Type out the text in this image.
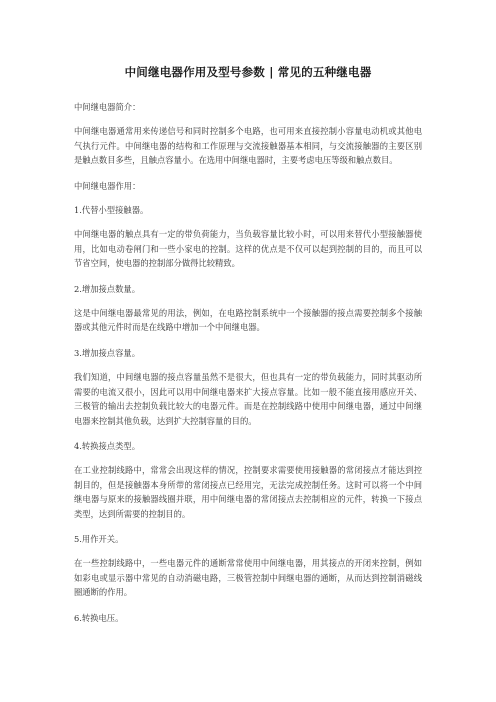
中间继电器作用及型号参数 | 常见的五种继电器
中间继电器简介：
中间继电器通常用来传递信号和同时控制多个电路，也可用来直接控制小容量电动机或其他电气执行元件。中间继电器的结构和工作原理与交流接触器基本相同，与交流接触器的主要区别是触点数目多些，且触点容量小。在选用中间继电器时，主要考虑电压等级和触点数目。
中间继电器作用：
1.代替小型接触器。
中间继电器的触点具有一定的带负荷能力，当负载容量比较小时，可以用来替代小型接触器使用，比如电动卷闸门和一些小家电的控制。这样的优点是不仅可以起到控制的目的，而且可以节省空间，使电器的控制部分做得比较精致。
2.增加接点数量。
这是中间继电器最常见的用法，例如，在电路控制系统中一个接触器的接点需要控制多个接触器或其他元件时而是在线路中增加一个中间继电器。
3.增加接点容量。
我们知道，中间继电器的接点容量虽然不是很大，但也具有一定的带负载能力，同时其驱动所需要的电流又很小，因此可以用中间继电器来扩大接点容量。比如一般不能直接用感应开关、三极管的输出去控制负载比较大的电器元件。而是在控制线路中使用中间继电器，通过中间继电器来控制其他负载，达到扩大控制容量的目的。
4.转换接点类型。
在工业控制线路中，常常会出现这样的情况，控制要求需要使用接触器的常闭接点才能达到控制目的，但是接触器本身所带的常闭接点已经用完，无法完成控制任务。这时可以将一个中间继电器与原来的接触器线圈并联，用中间继电器的常闭接点去控制相应的元件，转换一下接点类型，达到所需要的控制目的。
5.用作开关。
在一些控制线路中，一些电器元件的通断常常使用中间继电器，用其接点的开闭来控制，例如如彩电或显示器中常见的自动消磁电路，三极管控制中间继电器的通断，从而达到控制消磁线圈通断的作用。
6.转换电压。
